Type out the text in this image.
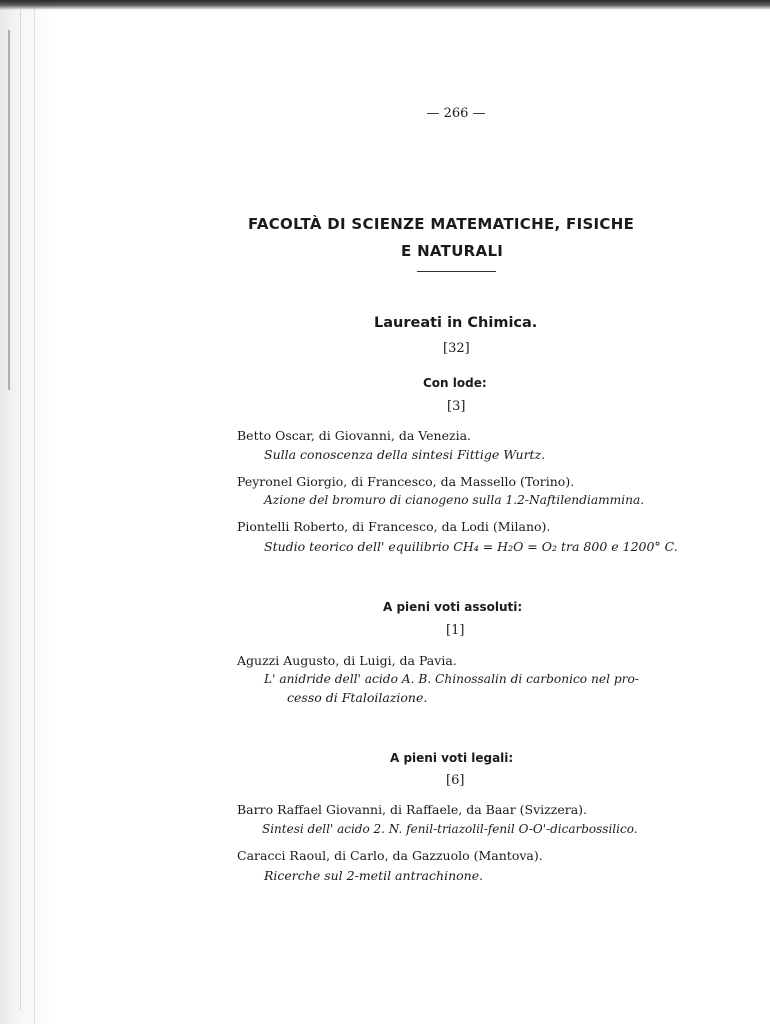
— 266 —
FACOLTÀ DI SCIENZE MATEMATICHE, FISICHE
E NATURALI
Laureati in Chimica.
[32]
Con lode:
[3]
Betto Oscar, di Giovanni, da Venezia.
Sulla conoscenza della sintesi Fittige Wurtz.
Peyronel Giorgio, di Francesco, da Massello (Torino).
Azione del bromuro di cianogeno sulla 1.2-Naftilendiammina.
Piontelli Roberto, di Francesco, da Lodi (Milano).
Studio teorico dell' equilibrio CH₄ = H₂O = O₂ tra 800 e 1200° C.
A pieni voti assoluti:
[1]
Aguzzi Augusto, di Luigi, da Pavia.
L' anidride dell' acido A. B. Chinossalin di carbonico nel pro-
cesso di Ftaloilazione.
A pieni voti legali:
[6]
Barro Raffael Giovanni, di Raffaele, da Baar (Svizzera).
Sintesi dell' acido 2. N. fenil-triazolil-fenil O-O'-dicarbossilico.
Caracci Raoul, di Carlo, da Gazzuolo (Mantova).
Ricerche sul 2-metil antrachinone.
